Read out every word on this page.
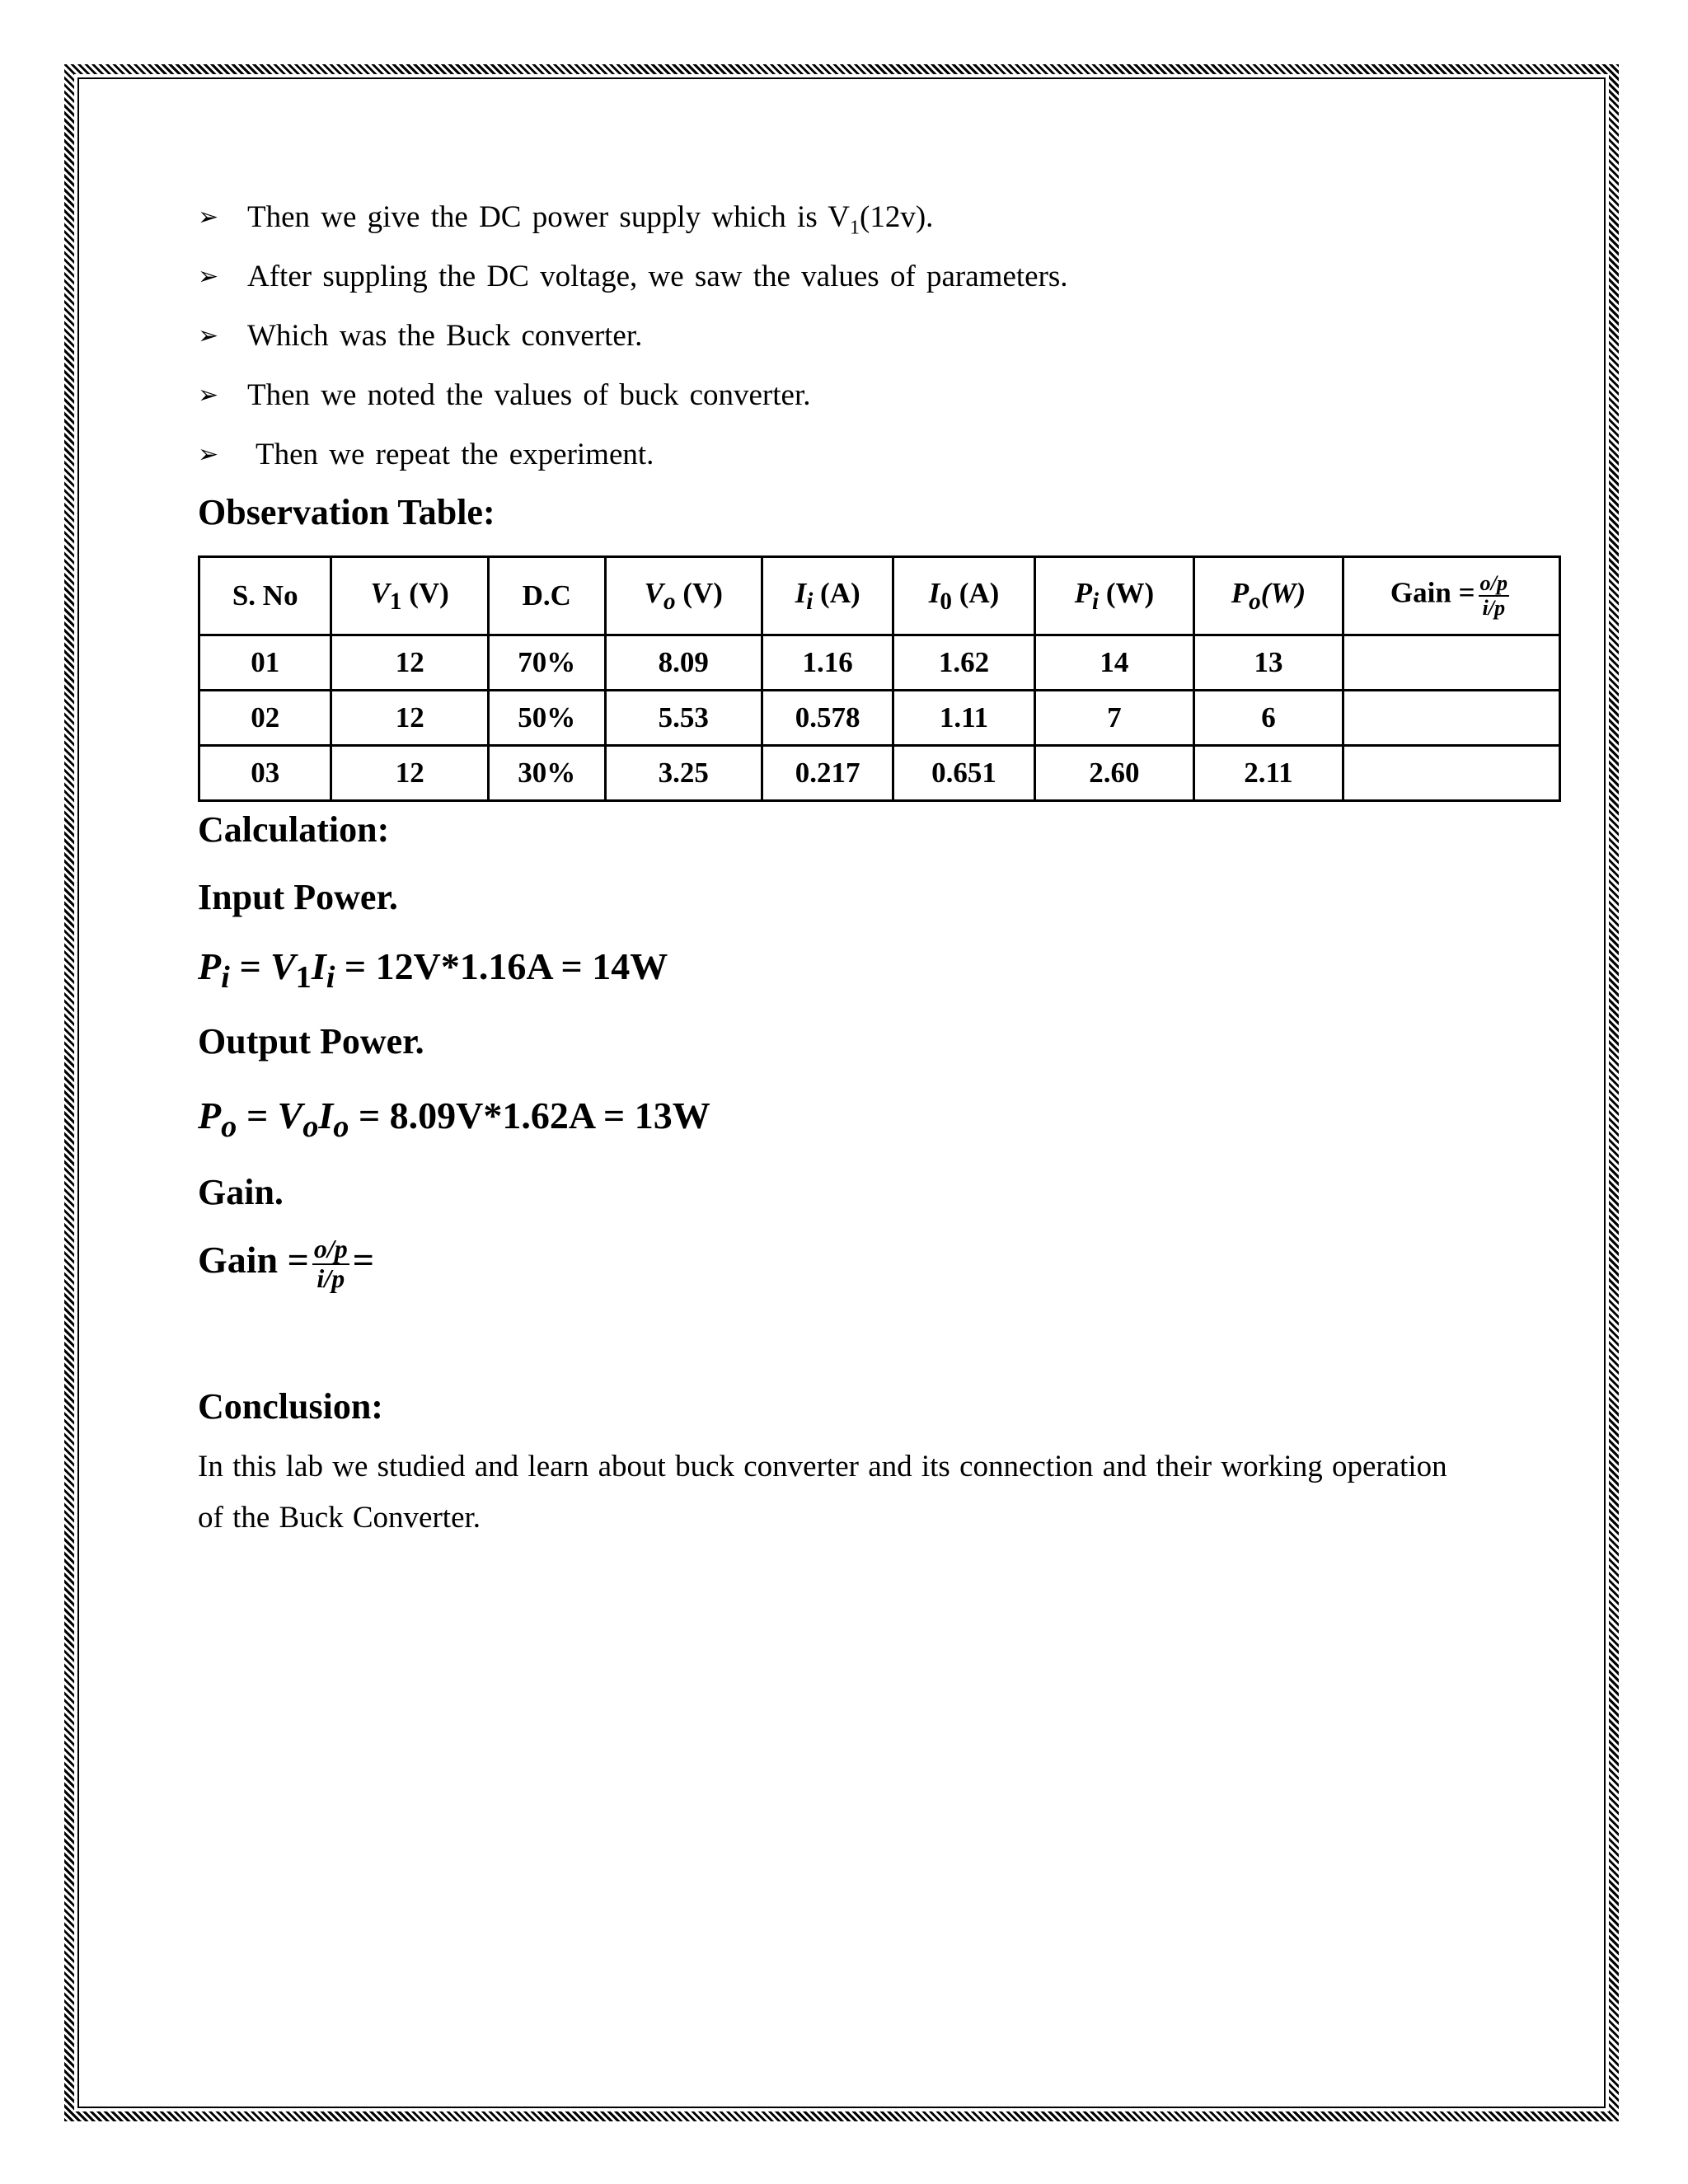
➢ Then we give the DC power supply which is $V_1(12v)$.
➢ After suppling the DC voltage, we saw the values of parameters.
➢ Which was the Buck converter.
➢ Then we noted the values of buck converter.
➢ Then we repeat the experiment.
Observation Table:
S. No	$V_1$ (V)	D.C	$V_o$ (V)	$I_i$ (A)	$I_0$ (A)	$P_i$ (W)	$P_o(W)$	Gain = $\frac{o/p}{i/p}$

01	12	70%	8.09	1.16	1.62	14	13	
02	12	50%	5.53	0.578	1.11	7	6	
03	12	30%	3.25	0.217	0.651	2.60	2.11	
Calculation:
Input Power.

$P_i = V_1I_i = 12V*1.16A = 14W$

Output Power.

$P_o = V_oI_o = 8.09V*1.62A = 13W$

Gain.
Gain = $\frac{o/p}{i/p}$ =
Conclusion:

In this lab we studied and learn about buck converter and its connection and their working operation of the Buck Converter.
